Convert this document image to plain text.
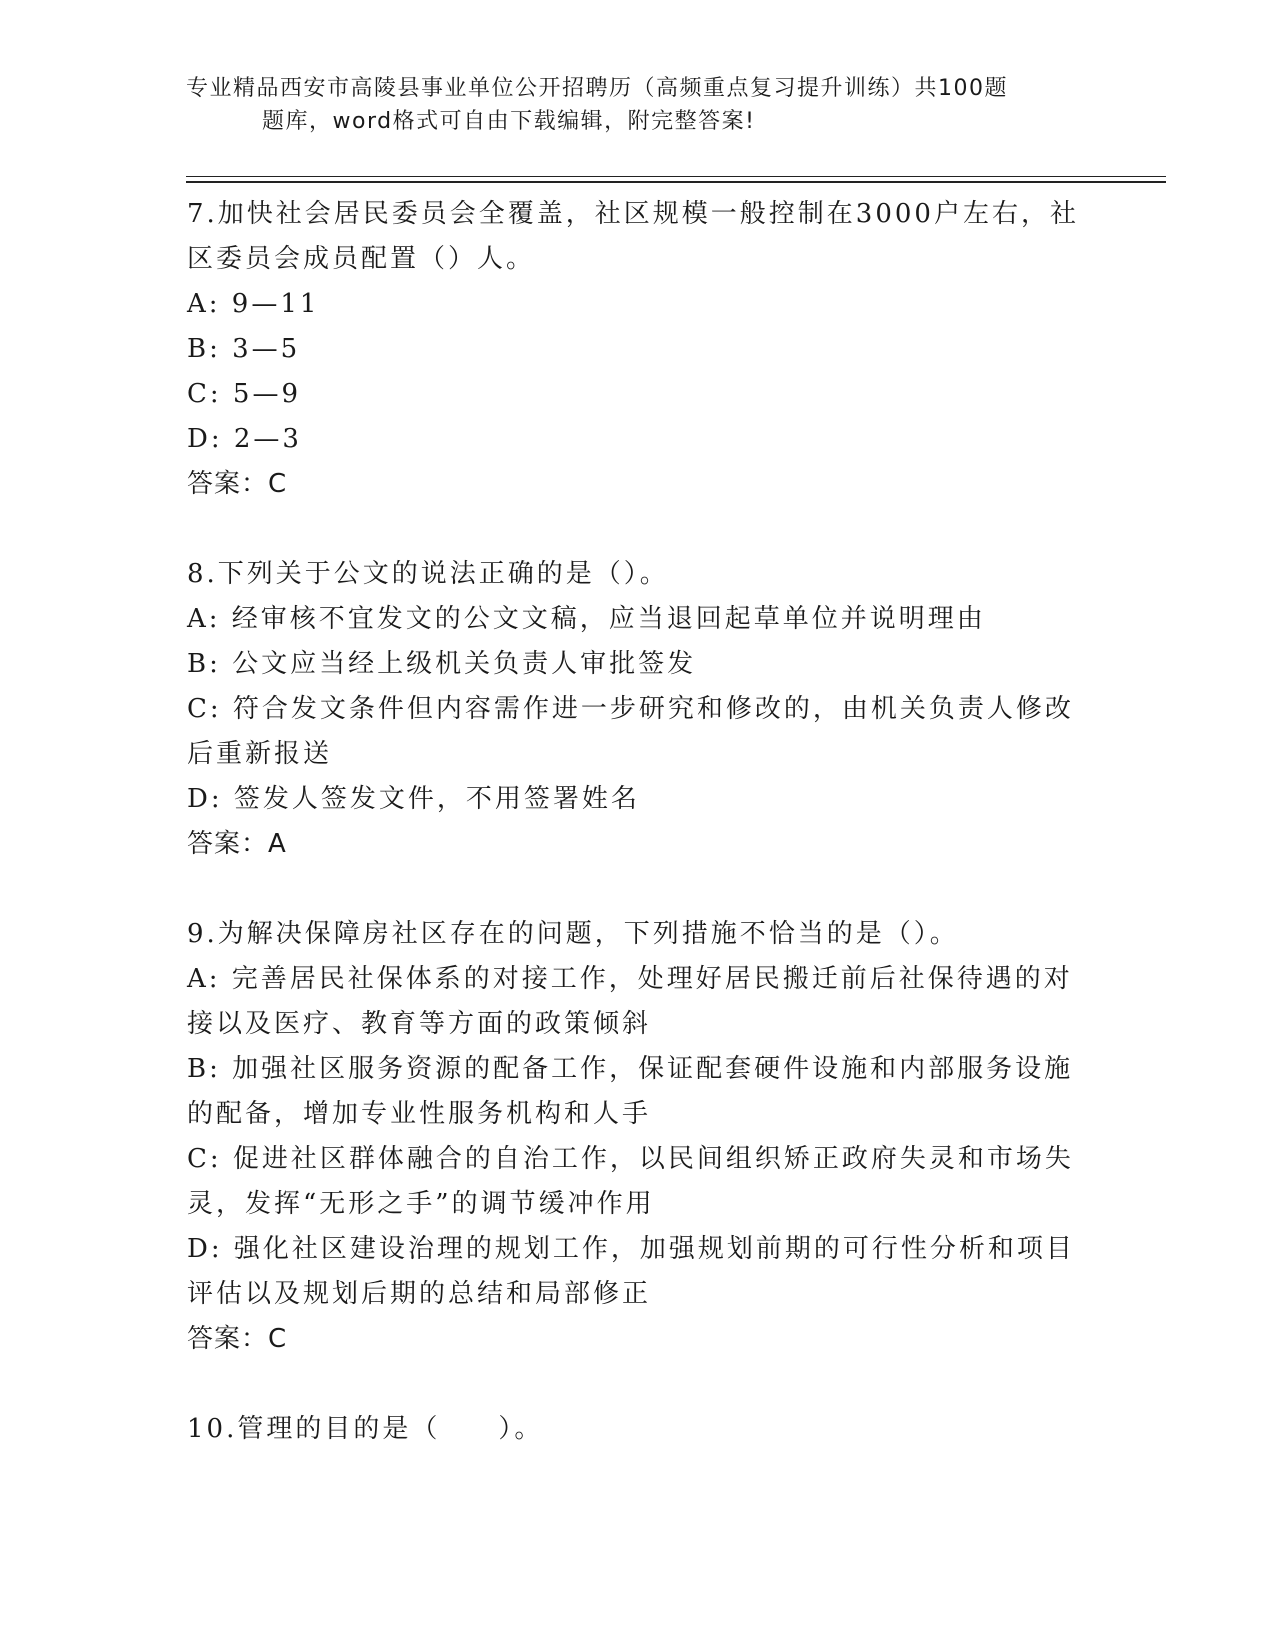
专业精品西安市高陵县事业单位公开招聘历（高频重点复习提升训练）共100题
题库，word格式可自由下载编辑，附完整答案!

7.加快社会居民委员会全覆盖，社区规模一般控制在3000户左右，社

区委员会成员配置（）人。

A: 9—11

B: 3—5

C: 5—9

D: 2—3

答案：C

8.下列关于公文的说法正确的是（）。

A: 经审核不宜发文的公文文稿，应当退回起草单位并说明理由

B: 公文应当经上级机关负责人审批签发

C: 符合发文条件但内容需作进一步研究和修改的，由机关负责人修改

后重新报送

D: 签发人签发文件，不用签署姓名

答案：A

9.为解决保障房社区存在的问题，下列措施不恰当的是（）。

A: 完善居民社保体系的对接工作，处理好居民搬迁前后社保待遇的对

接以及医疗、教育等方面的政策倾斜

B: 加强社区服务资源的配备工作，保证配套硬件设施和内部服务设施

的配备，增加专业性服务机构和人手

C: 促进社区群体融合的自治工作，以民间组织矫正政府失灵和市场失

灵，发挥“无形之手”的调节缓冲作用

D: 强化社区建设治理的规划工作，加强规划前期的可行性分析和项目

评估以及规划后期的总结和局部修正

答案：C

10.管理的目的是（　　）。
